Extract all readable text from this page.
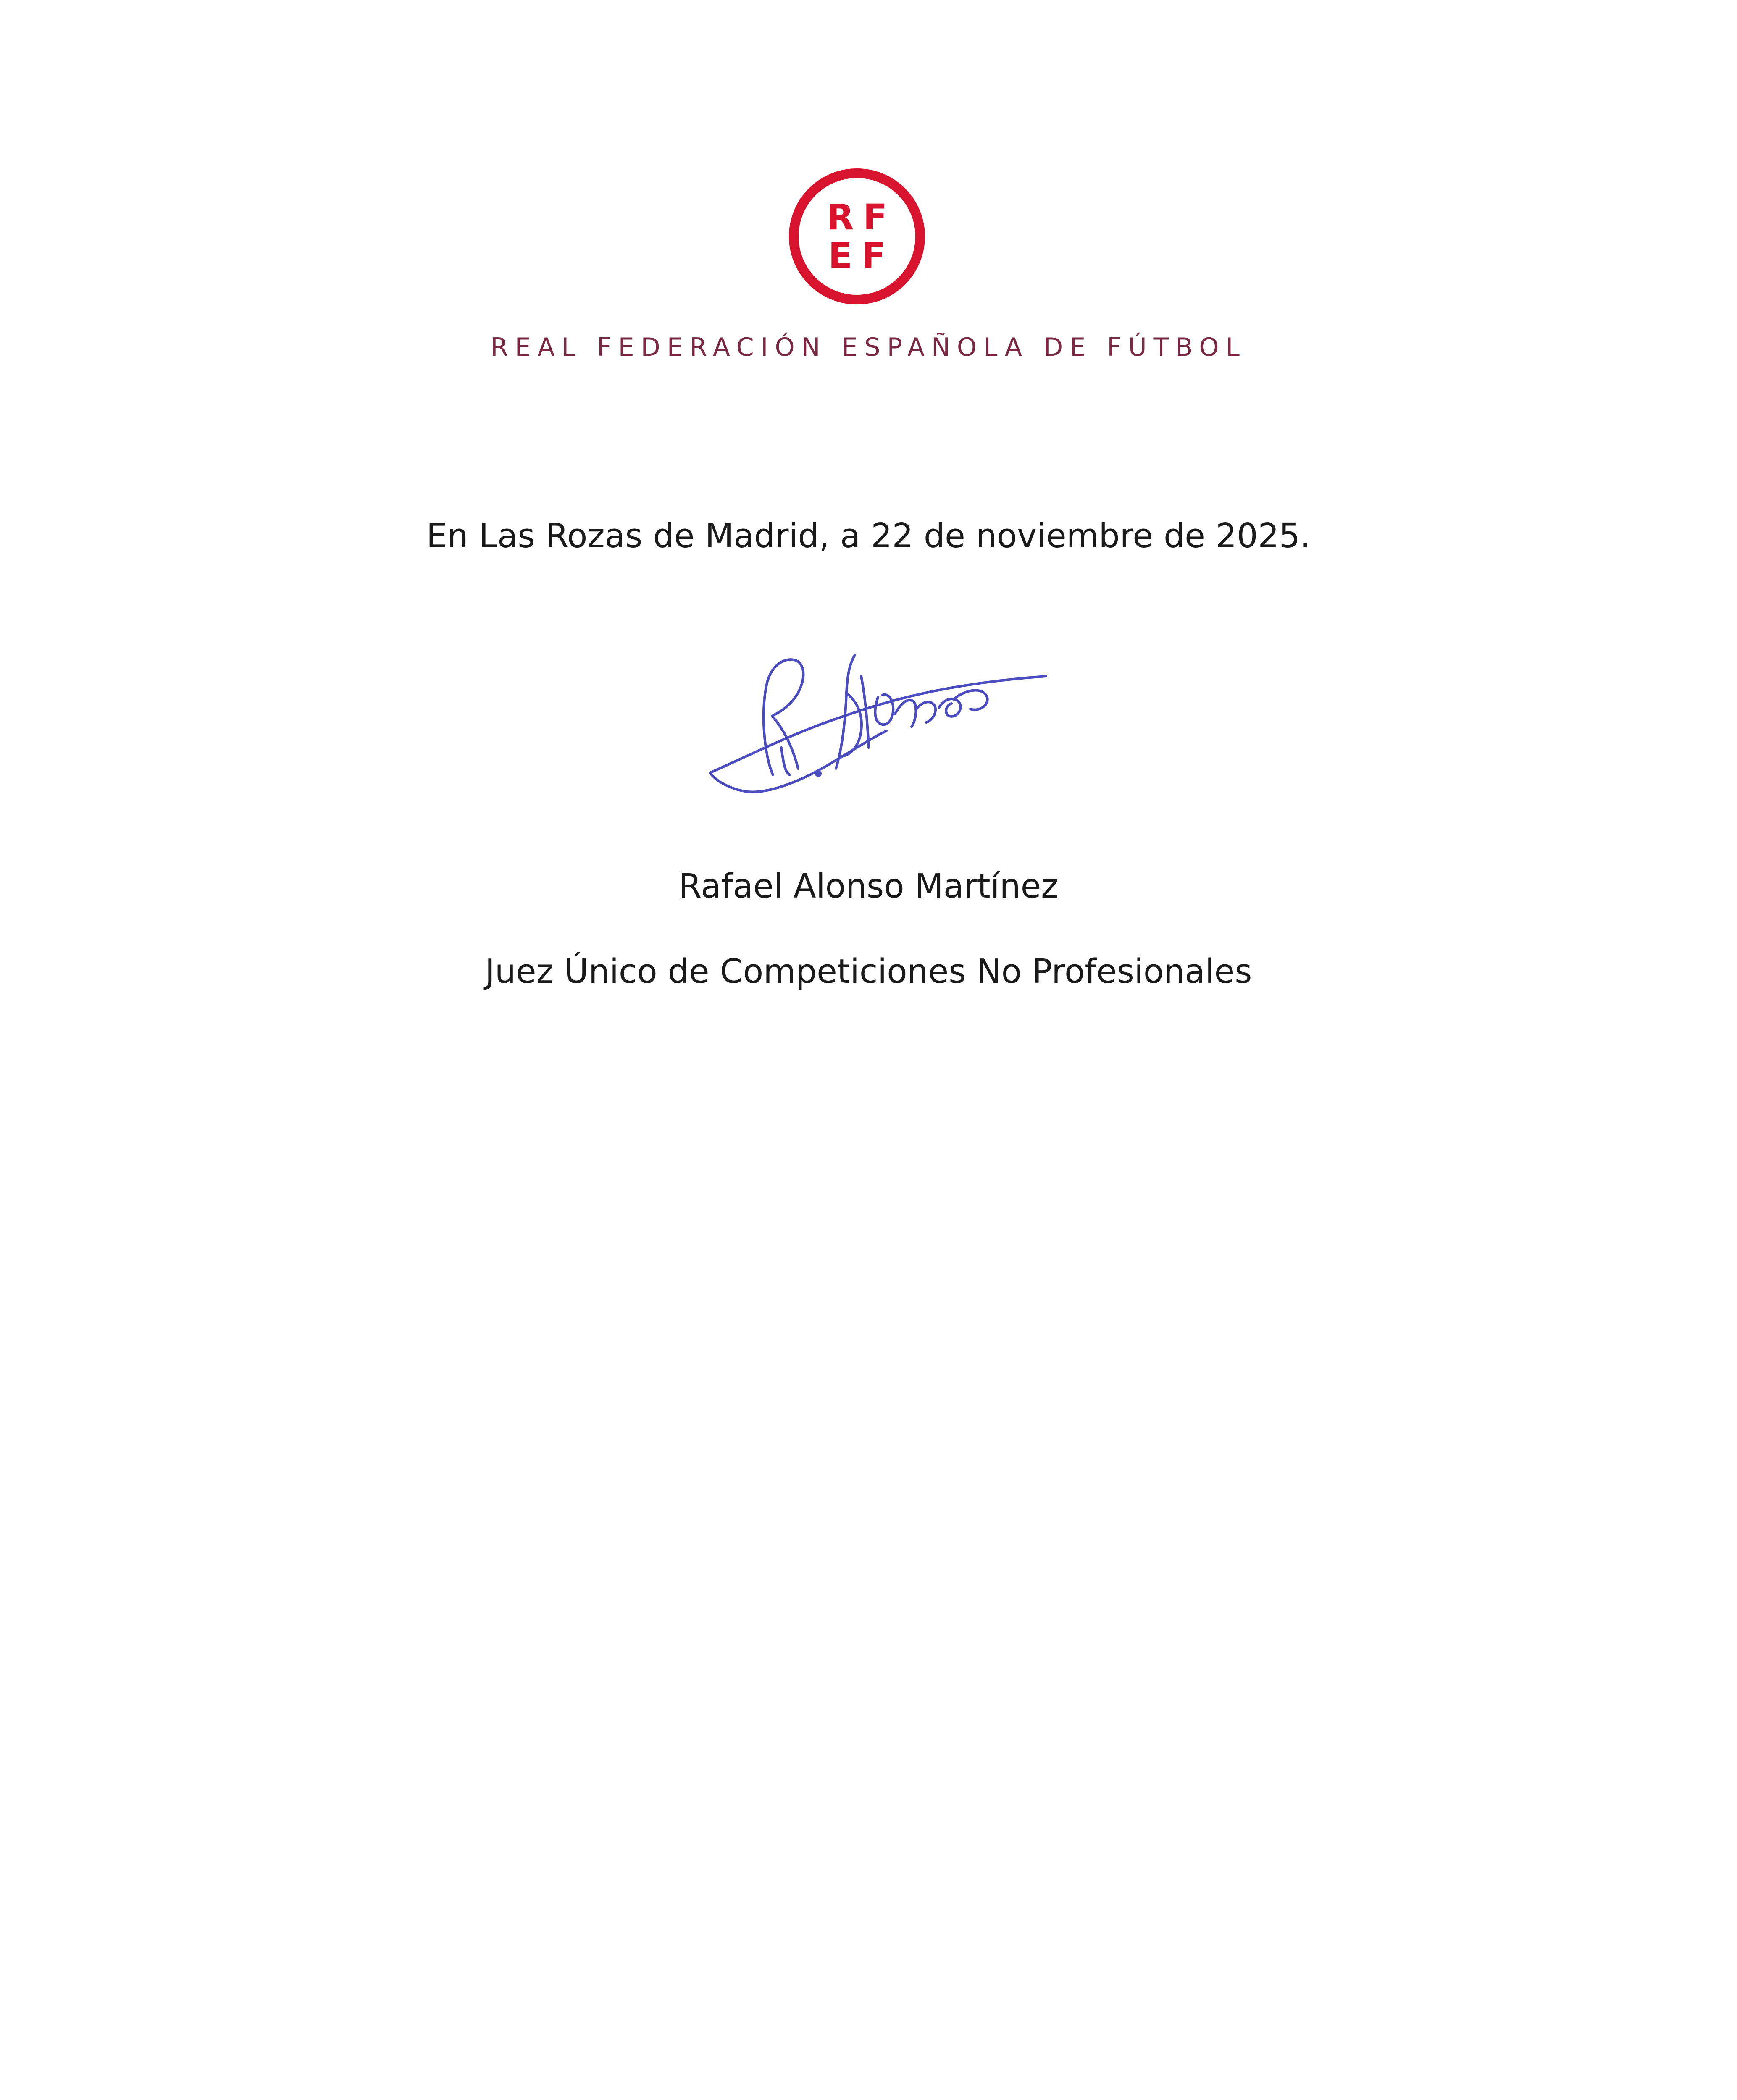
RF
EF
REAL FEDERACIÓN ESPAÑOLA DE FÚTBOL
En Las Rozas de Madrid, a 22 de noviembre de 2025.
Rafael Alonso Martínez
Juez Único de Competiciones No Profesionales
